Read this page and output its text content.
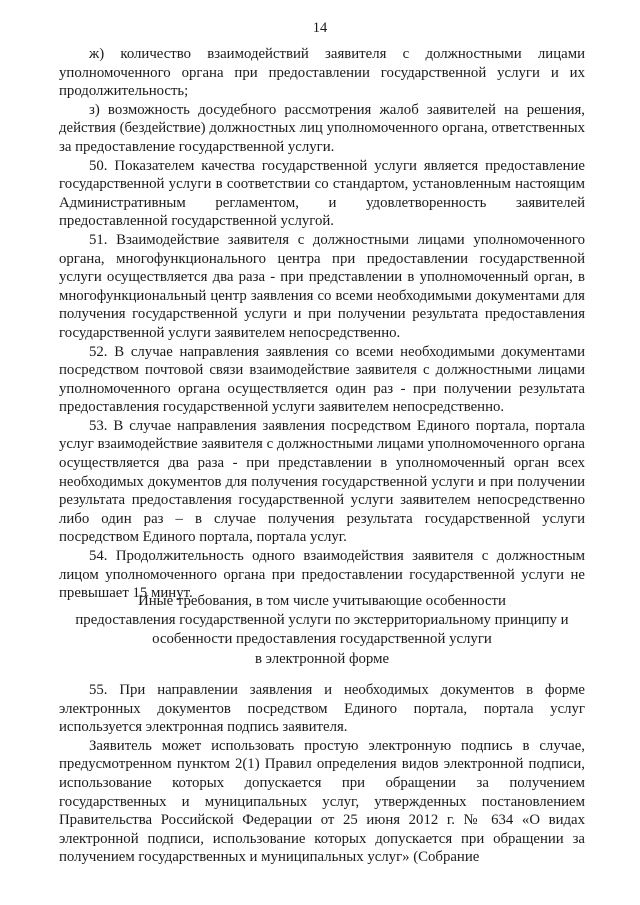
14

ж) количество взаимодействий заявителя с должностными лицами уполномоченного органа при предоставлении государственной услуги и их продолжительность;

з) возможность досудебного рассмотрения жалоб заявителей на решения, действия (бездействие) должностных лиц уполномоченного органа, ответственных за предоставление государственной услуги.

50. Показателем качества государственной услуги является предоставление государственной услуги в соответствии со стандартом, установленным настоящим Административным регламентом, и удовлетворенность заявителей предоставленной государственной услугой.

51. Взаимодействие заявителя с должностными лицами уполномоченного органа, многофункционального центра при предоставлении государственной услуги осуществляется два раза - при представлении в уполномоченный орган, в многофункциональный центр заявления со всеми необходимыми документами для получения государственной услуги и при получении результата предоставления государственной услуги заявителем непосредственно.

52. В случае направления заявления со всеми необходимыми документами посредством почтовой связи взаимодействие заявителя с должностными лицами уполномоченного органа осуществляется один раз - при получении результата предоставления государственной услуги заявителем непосредственно.

53. В случае направления заявления посредством Единого портала, портала услуг взаимодействие заявителя с должностными лицами уполномоченного органа осуществляется два раза - при представлении в уполномоченный орган всех необходимых документов для получения государственной услуги и при получении результата предоставления государственной услуги заявителем непосредственно либо один раз – в случае получения результата государственной услуги посредством Единого портала, портала услуг.

54. Продолжительность одного взаимодействия заявителя с должностным лицом уполномоченного органа при предоставлении государственной услуги не превышает 15 минут.

Иные требования, в том числе учитывающие особенности
предоставления государственной услуги по экстерриториальному принципу и
особенности предоставления государственной услуги
в электронной форме

55. При направлении заявления и необходимых документов в форме электронных документов посредством Единого портала, портала услуг используется электронная подпись заявителя.

Заявитель может использовать простую электронную подпись в случае, предусмотренном пунктом 2(1) Правил определения видов электронной подписи, использование которых допускается при обращении за получением государственных и муниципальных услуг, утвержденных постановлением Правительства Российской Федерации от 25 июня 2012 г. № 634 «О видах электронной подписи, использование которых допускается при обращении за получением государственных и муниципальных услуг» (Собрание
